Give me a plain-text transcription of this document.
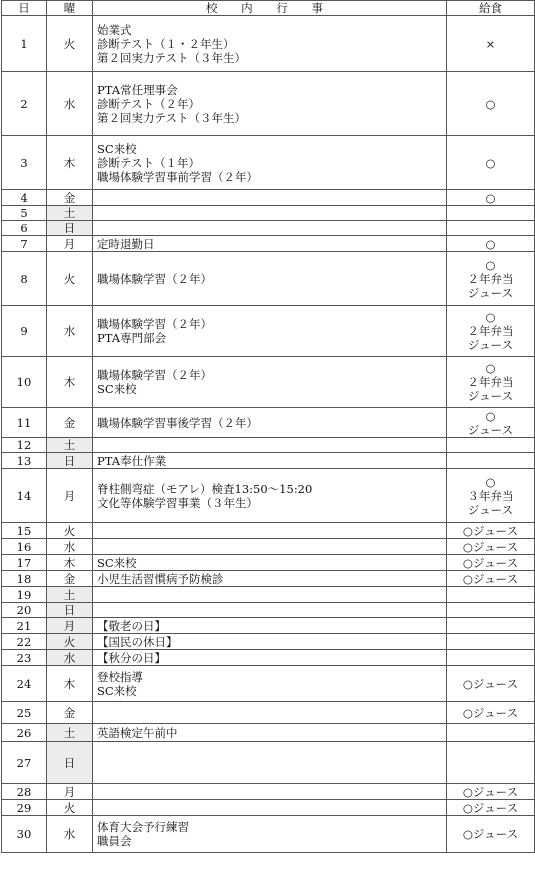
日	曜	校 内 行 事	給食
1	火	始業式
診断テスト（１・２年生）
第２回実力テスト（３年生）	×

2	水	PTA常任理事会
診断テスト（２年）
第２回実力テスト（３年生）	○

3	木	SC来校
診断テスト（１年）
職場体験学習事前学習（２年）	○

4	金		○

5	土		
6	日		
7	月	定時退勤日	○

8	火	職場体験学習（２年）	○
２年弁当
ジュース

9	水	職場体験学習（２年）
PTA専門部会	○
２年弁当
ジュース

10	木	職場体験学習（２年）
SC来校	○
２年弁当
ジュース

11	金	職場体験学習事後学習（２年）	○
ジュース

12	土		
13	日	PTA奉仕作業	

14	月	脊柱側弯症（モアレ）検査13:50～15:20
文化等体験学習事業（３年生）	○
３年弁当
ジュース

15	火		○ジュース

16	水		○ジュース

17	木	SC来校	○ジュース

18	金	小児生活習慣病予防検診	○ジュース

19	土		
20	日		
21	月	【敬老の日】	

22	火	【国民の休日】	

23	水	【秋分の日】	

24	木	登校指導
SC来校	○ジュース

25	金		○ジュース

26	土	英語検定午前中	

27	日		
28	月		○ジュース

29	火		○ジュース

30	水	体育大会予行練習
職員会	○ジュース
